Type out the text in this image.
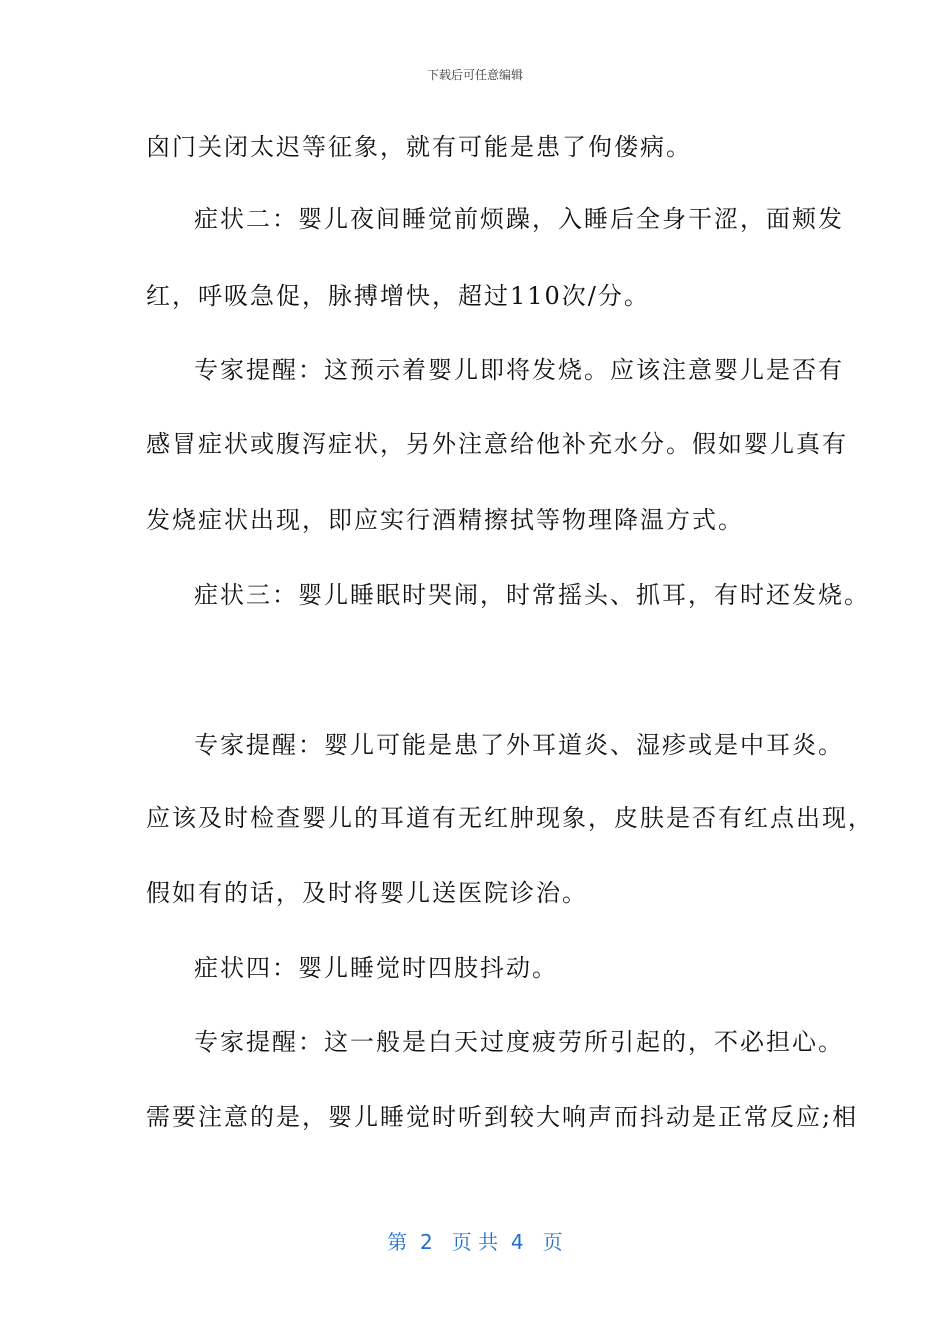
下载后可任意编辑
囟门关闭太迟等征象，就有可能是患了佝偻病。
症状二：婴儿夜间睡觉前烦躁，入睡后全身干涩，面颊发
红，呼吸急促，脉搏增快，超过110次/分。
专家提醒：这预示着婴儿即将发烧。应该注意婴儿是否有
感冒症状或腹泻症状，另外注意给他补充水分。假如婴儿真有
发烧症状出现，即应实行酒精擦拭等物理降温方式。
症状三：婴儿睡眠时哭闹，时常摇头、抓耳，有时还发烧。
专家提醒：婴儿可能是患了外耳道炎、湿疹或是中耳炎。
应该及时检查婴儿的耳道有无红肿现象，皮肤是否有红点出现，
假如有的话，及时将婴儿送医院诊治。
症状四：婴儿睡觉时四肢抖动。
专家提醒：这一般是白天过度疲劳所引起的，不必担心。
需要注意的是，婴儿睡觉时听到较大响声而抖动是正常反应;相
第  2   页 共  4   页
